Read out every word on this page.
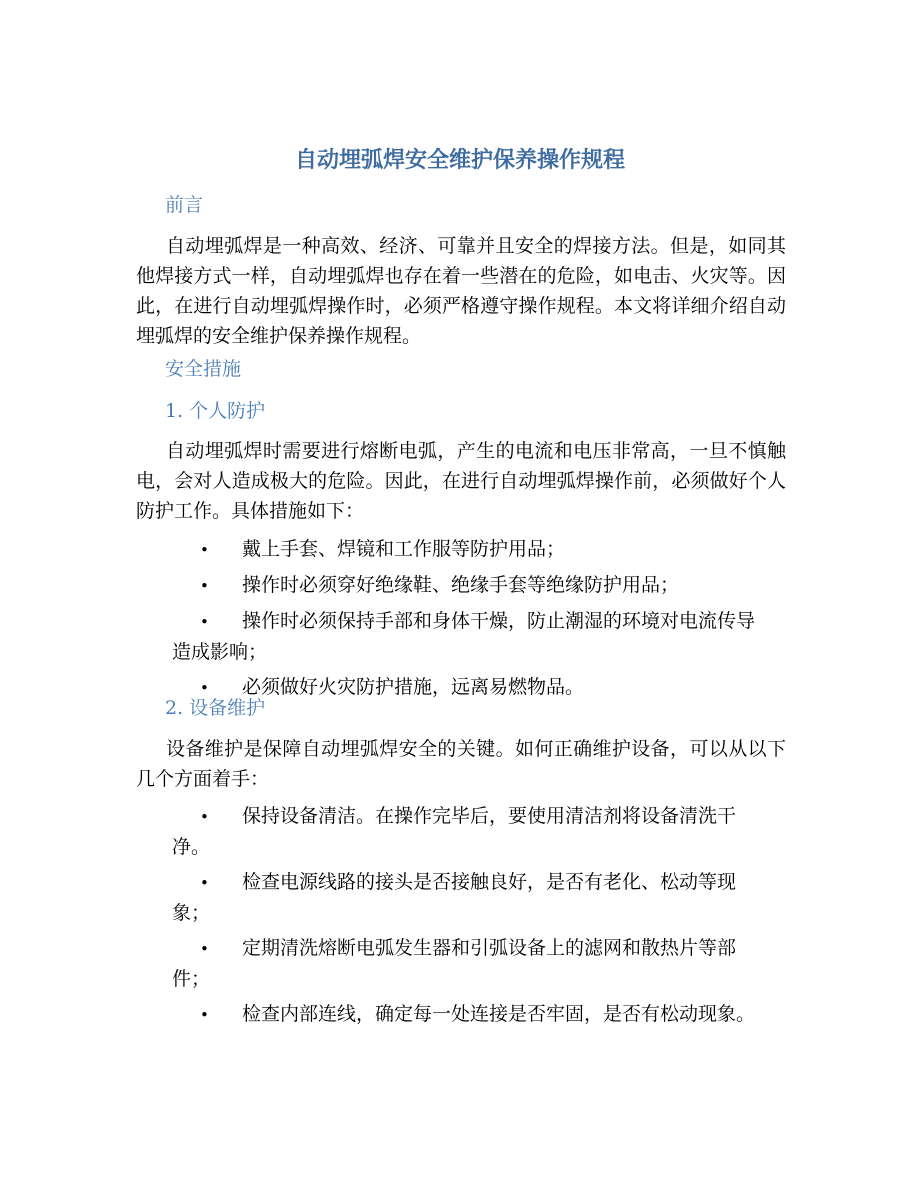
自动埋弧焊安全维护保养操作规程
前言

自动埋弧焊是一种高效、经济、可靠并且安全的焊接方法。但是，如同其他焊接方式一样，自动埋弧焊也存在着一些潜在的危险，如电击、火灾等。因此，在进行自动埋弧焊操作时，必须严格遵守操作规程。本文将详细介绍自动埋弧焊的安全维护保养操作规程。

安全措施
1. 个人防护

自动埋弧焊时需要进行熔断电弧，产生的电流和电压非常高，一旦不慎触电，会对人造成极大的危险。因此，在进行自动埋弧焊操作前，必须做好个人防护工作。具体措施如下：

• 戴上手套、焊镜和工作服等防护用品；
• 操作时必须穿好绝缘鞋、绝缘手套等绝缘防护用品；
• 操作时必须保持手部和身体干燥，防止潮湿的环境对电流传导造成影响；
• 必须做好火灾防护措施，远离易燃物品。
2. 设备维护

设备维护是保障自动埋弧焊安全的关键。如何正确维护设备，可以从以下几个方面着手：

• 保持设备清洁。在操作完毕后，要使用清洁剂将设备清洗干净。
• 检查电源线路的接头是否接触良好，是否有老化、松动等现象；
• 定期清洗熔断电弧发生器和引弧设备上的滤网和散热片等部件；
• 检查内部连线，确定每一处连接是否牢固，是否有松动现象。
